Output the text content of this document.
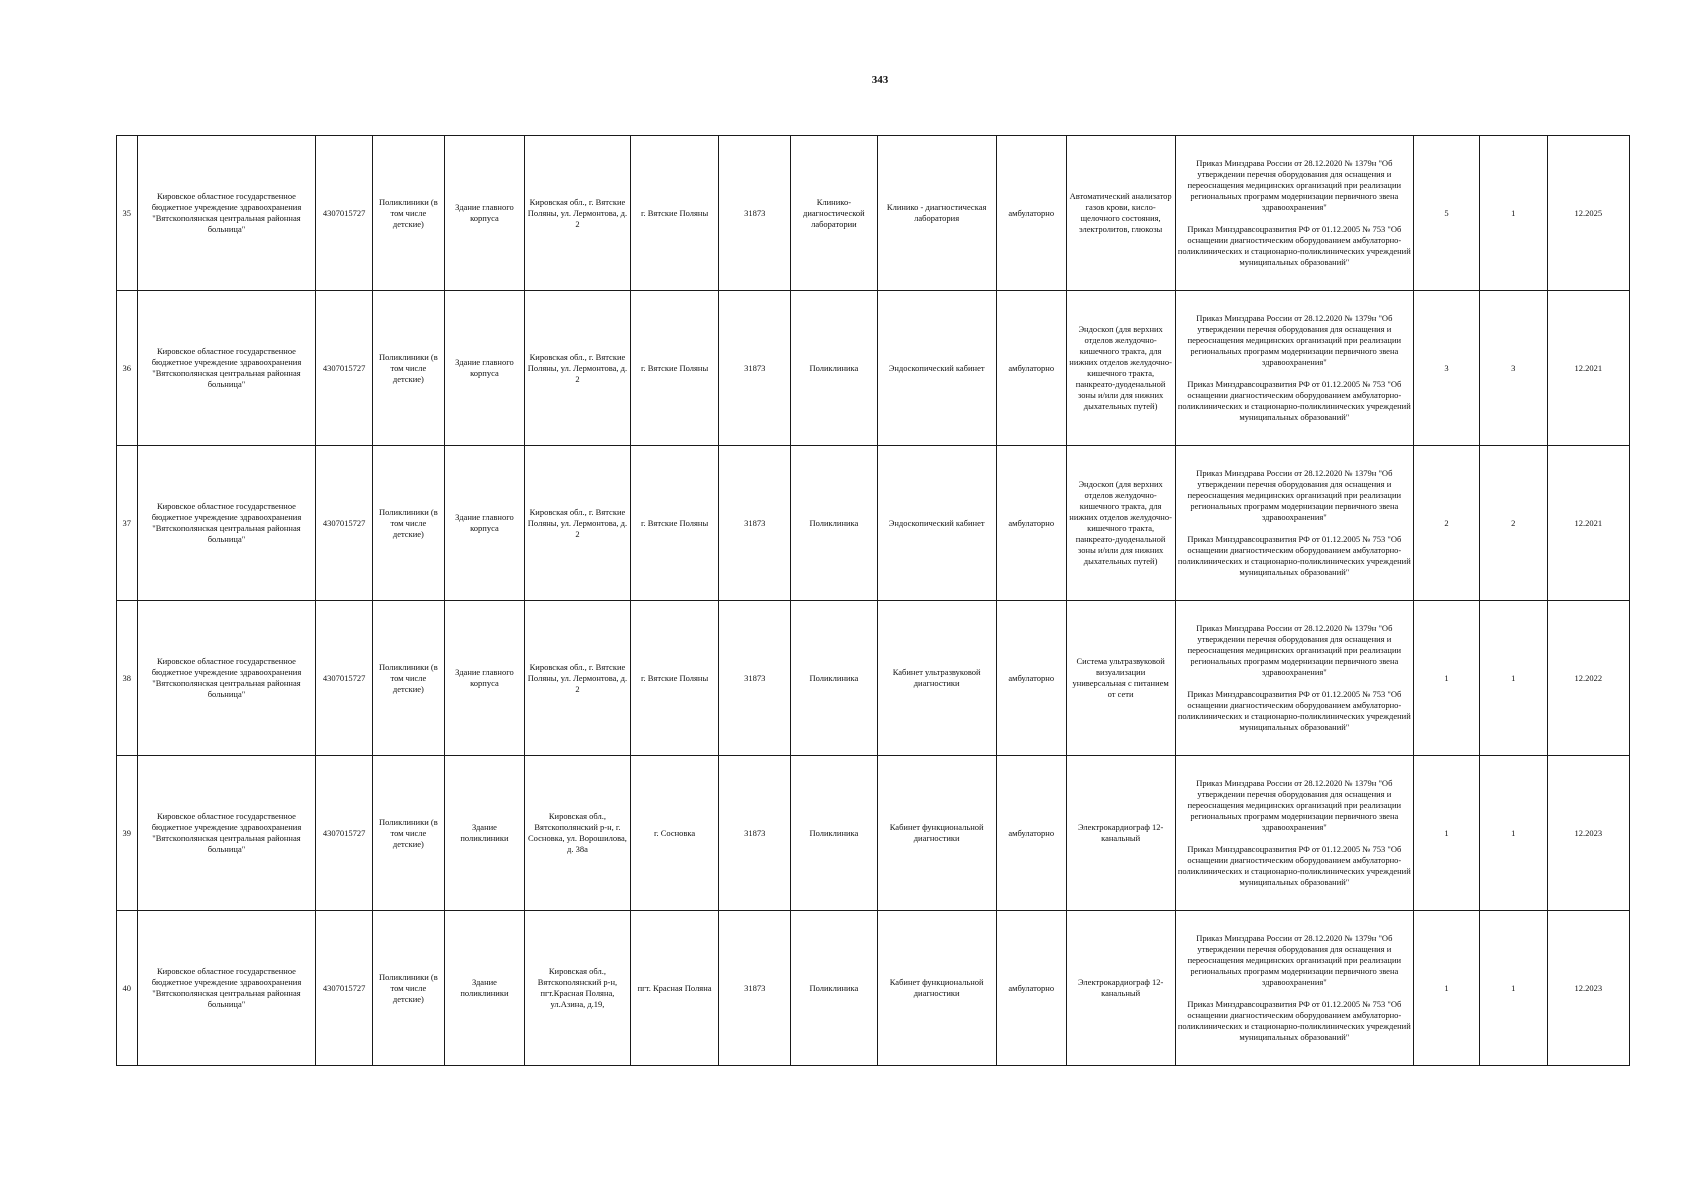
343
35	Кировское областное государственное бюджетное учреждение здравоохранения "Вятскополянская центральная районная больница"	4307015727	Поликлиники (в том числе детские)	Здание главного корпуса	Кировская обл., г. Вятские Поляны, ул. Лермонтова, д. 2	г. Вятские Поляны	31873	Клинико-диагностической лаборатории	Клинико - диагностическая лаборатория	амбулаторно	Автоматический анализатор газов крови, кисло-щелочного состояния, электролитов, глюкозы	Приказ Минздрава России от 28.12.2020 № 1379н "Об утверждении перечня оборудования для оснащения и переоснащения медицинских организаций при реализации региональных программ модернизации первичного звена здравоохранения"
Приказ Минздравсоцразвития РФ от 01.12.2005 № 753 "Об оснащении диагностическим оборудованием амбулаторно-поликлинических и стационарно-поликлинических учреждений муниципальных образований"	5	1	12.2025
36	Кировское областное государственное бюджетное учреждение здравоохранения "Вятскополянская центральная районная больница"	4307015727	Поликлиники (в том числе детские)	Здание главного корпуса	Кировская обл., г. Вятские Поляны, ул. Лермонтова, д. 2	г. Вятские Поляны	31873	Поликлиника	Эндоскопический кабинет	амбулаторно	Эндоскоп (для верхних отделов желудочно-кишечного тракта, для нижних отделов желудочно-кишечного тракта, панкреато-дуоденальной зоны и/или для нижних дыхательных путей)	Приказ Минздрава России от 28.12.2020 № 1379н "Об утверждении перечня оборудования для оснащения и переоснащения медицинских организаций при реализации региональных программ модернизации первичного звена здравоохранения"
Приказ Минздравсоцразвития РФ от 01.12.2005 № 753 "Об оснащении диагностическим оборудованием амбулаторно-поликлинических и стационарно-поликлинических учреждений муниципальных образований"	3	3	12.2021
37	Кировское областное государственное бюджетное учреждение здравоохранения "Вятскополянская центральная районная больница"	4307015727	Поликлиники (в том числе детские)	Здание главного корпуса	Кировская обл., г. Вятские Поляны, ул. Лермонтова, д. 2	г. Вятские Поляны	31873	Поликлиника	Эндоскопический кабинет	амбулаторно	Эндоскоп (для верхних отделов желудочно-кишечного тракта, для нижних отделов желудочно-кишечного тракта, панкреато-дуоденальной зоны и/или для нижних дыхательных путей)	Приказ Минздрава России от 28.12.2020 № 1379н "Об утверждении перечня оборудования для оснащения и переоснащения медицинских организаций при реализации региональных программ модернизации первичного звена здравоохранения"
Приказ Минздравсоцразвития РФ от 01.12.2005 № 753 "Об оснащении диагностическим оборудованием амбулаторно-поликлинических и стационарно-поликлинических учреждений муниципальных образований"	2	2	12.2021
38	Кировское областное государственное бюджетное учреждение здравоохранения "Вятскополянская центральная районная больница"	4307015727	Поликлиники (в том числе детские)	Здание главного корпуса	Кировская обл., г. Вятские Поляны, ул. Лермонтова, д. 2	г. Вятские Поляны	31873	Поликлиника	Кабинет ультразвуковой диагностики	амбулаторно	Система ультразвуковой визуализации универсальная с питанием от сети	Приказ Минздрава России от 28.12.2020 № 1379н "Об утверждении перечня оборудования для оснащения и переоснащения медицинских организаций при реализации региональных программ модернизации первичного звена здравоохранения"
Приказ Минздравсоцразвития РФ от 01.12.2005 № 753 "Об оснащении диагностическим оборудованием амбулаторно-поликлинических и стационарно-поликлинических учреждений муниципальных образований"	1	1	12.2022
39	Кировское областное государственное бюджетное учреждение здравоохранения "Вятскополянская центральная районная больница"	4307015727	Поликлиники (в том числе детские)	Здание поликлиники	Кировская обл., Вятскополянский р-н, г. Сосновка, ул. Ворошилова, д. 38а	г. Сосновка	31873	Поликлиника	Кабинет функциональной диагностики	амбулаторно	Электрокардиограф 12-канальный	Приказ Минздрава России от 28.12.2020 № 1379н "Об утверждении перечня оборудования для оснащения и переоснащения медицинских организаций при реализации региональных программ модернизации первичного звена здравоохранения"
Приказ Минздравсоцразвития РФ от 01.12.2005 № 753 "Об оснащении диагностическим оборудованием амбулаторно-поликлинических и стационарно-поликлинических учреждений муниципальных образований"	1	1	12.2023
40	Кировское областное государственное бюджетное учреждение здравоохранения "Вятскополянская центральная районная больница"	4307015727	Поликлиники (в том числе детские)	Здание поликлиники	Кировская обл., Вятскополянский р-н, пгт.Красная Поляна, ул.Азина, д.19,	пгт. Красная Поляна	31873	Поликлиника	Кабинет функциональной диагностики	амбулаторно	Электрокардиограф 12-канальный	Приказ Минздрава России от 28.12.2020 № 1379н "Об утверждении перечня оборудования для оснащения и переоснащения медицинских организаций при реализации региональных программ модернизации первичного звена здравоохранения"
Приказ Минздравсоцразвития РФ от 01.12.2005 № 753 "Об оснащении диагностическим оборудованием амбулаторно-поликлинических и стационарно-поликлинических учреждений муниципальных образований"	1	1	12.2023
